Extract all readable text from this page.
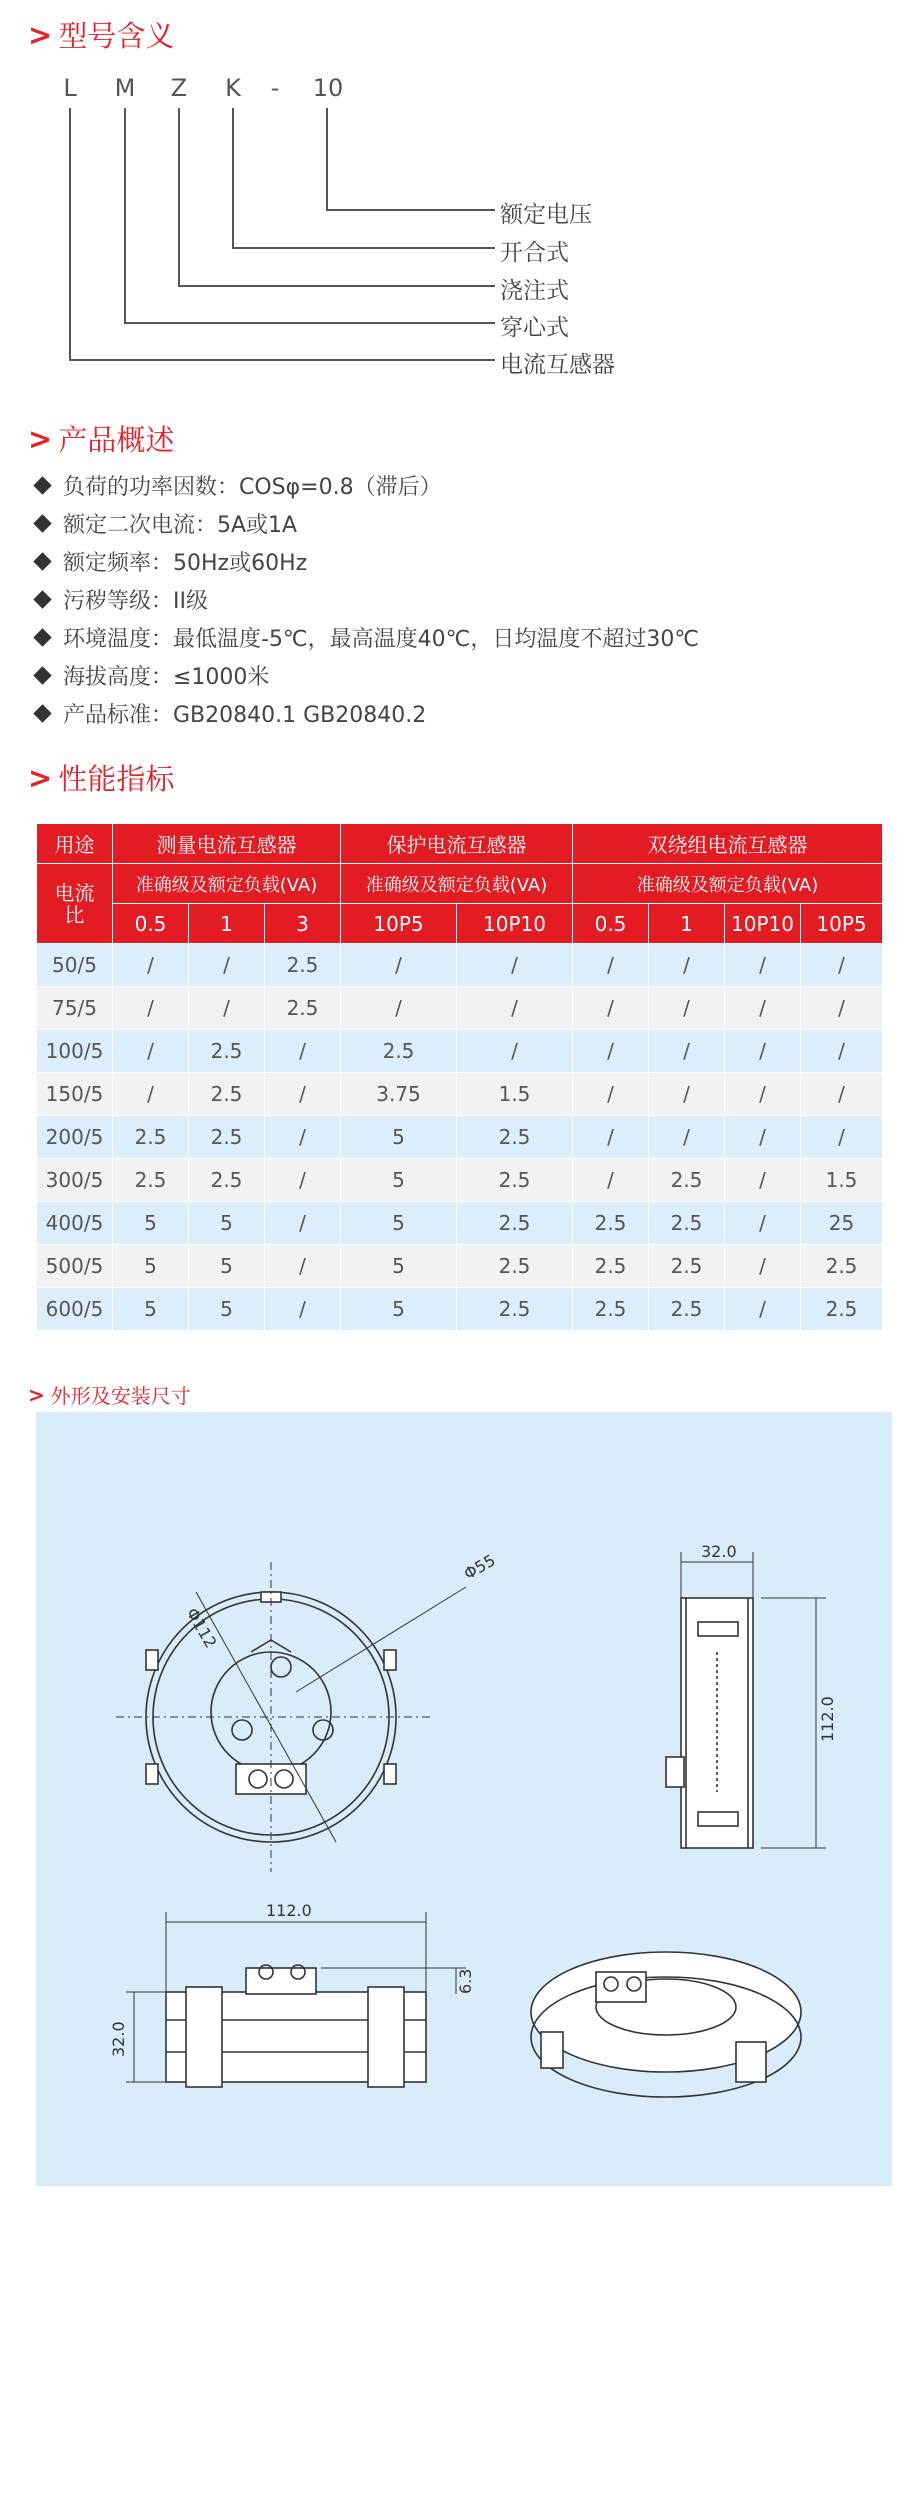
> 型号含义
L	M Z K	-	10
额定电压
开合式
浇注式
穿心式
电流互感器
> 产品概述
负荷的功率因数：COSφ=0.8（滞后）
额定二次电流：5A或1A
额定频率：50Hz或60Hz
污秽等级：II级
环境温度：最低温度-5℃，最高温度40℃，日均温度不超过30℃
海拔高度：≤1000米
产品标准：GB20840.1 GB20840.2
> 性能指标
用途	测量电流互感器			保护电流互感器		双绕组电流互感器			
电流比	准确级及额定负载(VA)			准确级及额定负载(VA)		准确级及额定负载(VA)			
	0.5	1	3	10P5	10P10	0.5	1	10P10	10P5
50/5	/	/	2.5	/	/	/	/	/	/
75/5	/	/	2.5	/	/	/	/	/	/
100/5	/	2.5	/	2.5	/	/	/	/	/
150/5	/	2.5	/	3.75	1.5	/	/	/	/
200/5	2.5	2.5	/	5	2.5	/	/	/	/
300/5	2.5	2.5	/	5	2.5	/	2.5	/	1.5
400/5	5	5	/	5	2.5	2.5	2.5	/	25
500/5	5	5	/	5	2.5	2.5	2.5	/	2.5
600/5	5	5	/	5	2.5	2.5	2.5	/	2.5
> 外形及安装尺寸
Φ112
Φ55	32.0
112.0
112.0
32.0
6.3
